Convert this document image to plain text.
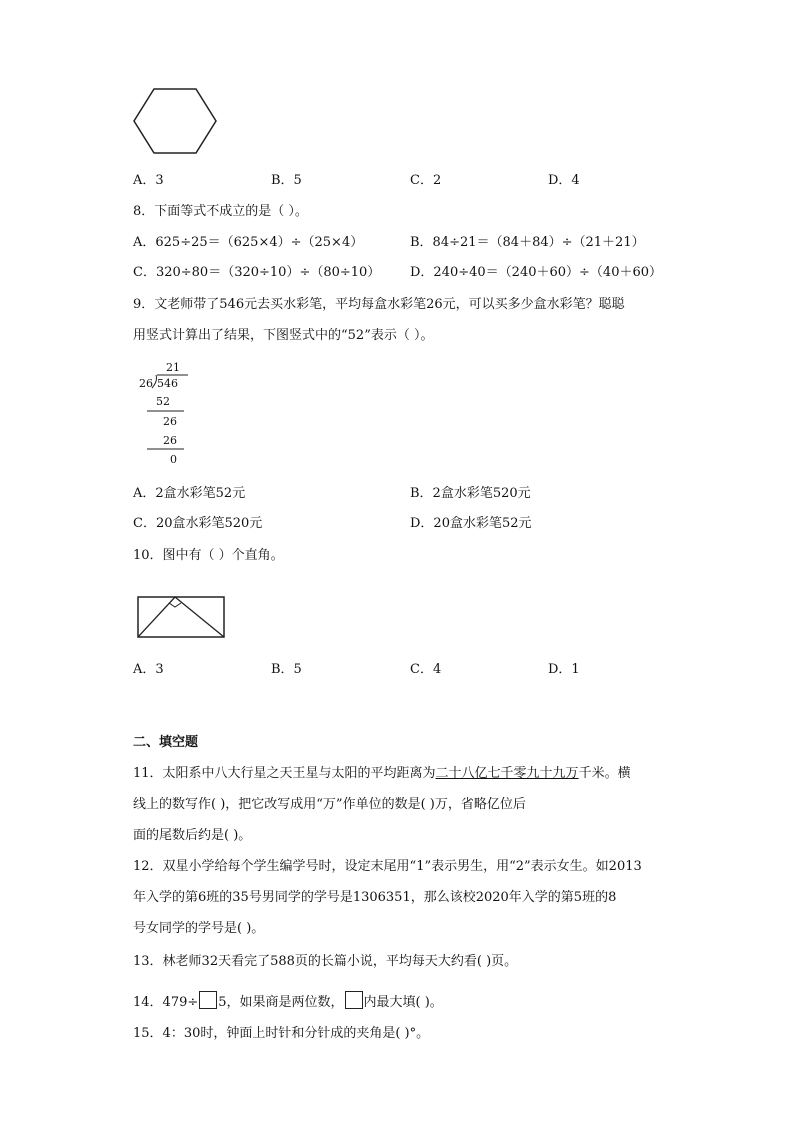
A．3	B．5	C．2	D．4
8．下面等式不成立的是（ ）。
A．625÷25＝（625×4）÷（25×4）	B．84÷21＝（84＋84）÷（21＋21）
C．320÷80＝（320÷10）÷（80÷10） D．240÷40＝（240＋60）÷（40＋60）
9．文老师带了546元去买水彩笔，平均每盒水彩笔26元，可以买多少盒水彩笔？聪聪
用竖式计算出了结果，下图竖式中的“52”表示（ ）。
21
26 546
52
26
26
0
A．2盒水彩笔52元	B．2盒水彩笔520元
C．20盒水彩笔520元	D．20盒水彩笔52元
10．图中有（ ）个直角。
A．3	B．5	C．4	D．1
二、填空题
11．太阳系中八大行星之天王星与太阳的平均距离为二十八亿七千零九十九万千米。横
线上的数写作( )，把它改写成用“万”作单位的数是( )万，省略亿位后
面的尾数后约是( )。
12．双星小学给每个学生编学号时，设定末尾用“1”表示男生，用“2”表示女生。如2013
年入学的第6班的35号男同学的学号是1306351，那么该校2020年入学的第5班的8
号女同学的学号是( )。
13．林老师32天看完了588页的长篇小说，平均每天大约看( )页。
14．479÷ 5，如果商是两位数， 内最大填( )。
15．4：30时，钟面上时针和分针成的夹角是( )°。
